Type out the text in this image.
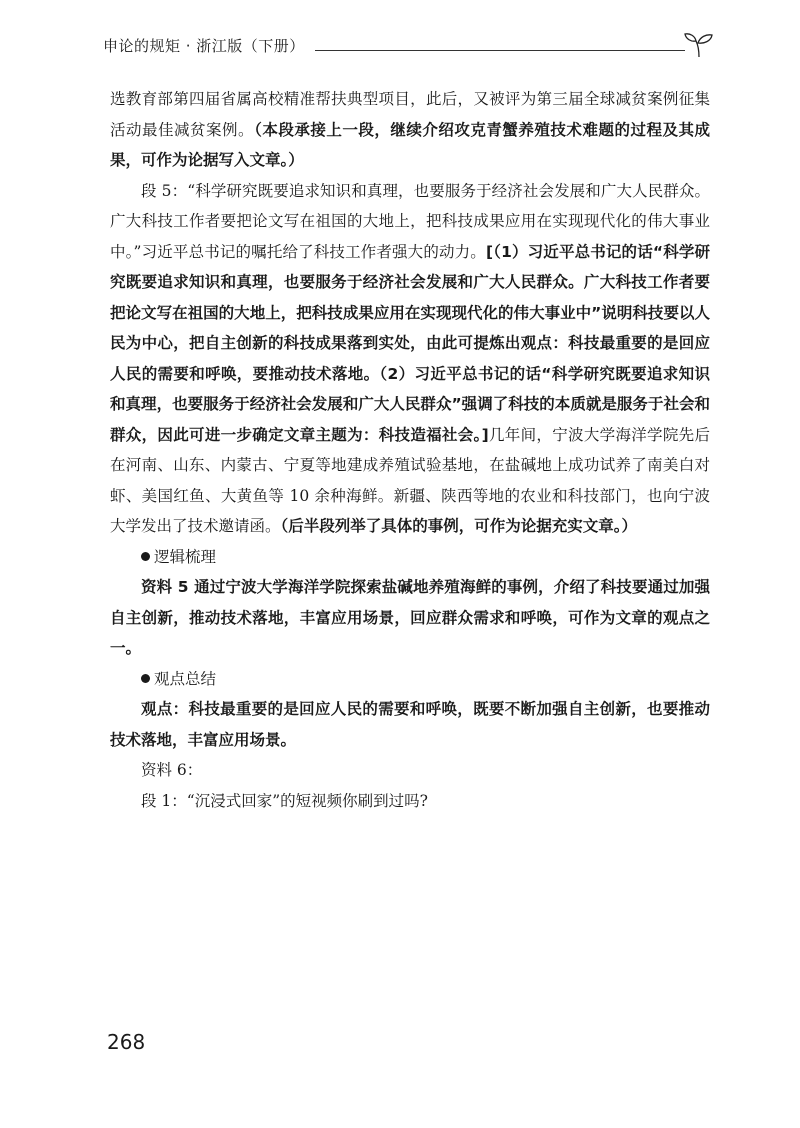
申论的规矩 · 浙江版（下册）

选教育部第四届省属高校精准帮扶典型项目，此后，又被评为第三届全球减贫案例征集活动最佳减贫案例。（本段承接上一段，继续介绍攻克青蟹养殖技术难题的过程及其成果，可作为论据写入文章。）

段 5：“科学研究既要追求知识和真理，也要服务于经济社会发展和广大人民群众。广大科技工作者要把论文写在祖国的大地上，把科技成果应用在实现现代化的伟大事业中。”习近平总书记的嘱托给了科技工作者强大的动力。[（1）习近平总书记的话“科学研究既要追求知识和真理，也要服务于经济社会发展和广大人民群众。广大科技工作者要把论文写在祖国的大地上，把科技成果应用在实现现代化的伟大事业中”说明科技要以人民为中心，把自主创新的科技成果落到实处，由此可提炼出观点：科技最重要的是回应人民的需要和呼唤，要推动技术落地。（2）习近平总书记的话“科学研究既要追求知识和真理，也要服务于经济社会发展和广大人民群众”强调了科技的本质就是服务于社会和群众，因此可进一步确定文章主题为：科技造福社会。]几年间，宁波大学海洋学院先后在河南、山东、内蒙古、宁夏等地建成养殖试验基地，在盐碱地上成功试养了南美白对虾、美国红鱼、大黄鱼等 10 余种海鲜。新疆、陕西等地的农业和科技部门，也向宁波大学发出了技术邀请函。（后半段列举了具体的事例，可作为论据充实文章。）

逻辑梳理

资料 5 通过宁波大学海洋学院探索盐碱地养殖海鲜的事例，介绍了科技要通过加强自主创新，推动技术落地，丰富应用场景，回应群众需求和呼唤，可作为文章的观点之一。

观点总结

观点：科技最重要的是回应人民的需要和呼唤，既要不断加强自主创新，也要推动技术落地，丰富应用场景。

资料 6：

段 1：“沉浸式回家”的短视频你刷到过吗?

268
